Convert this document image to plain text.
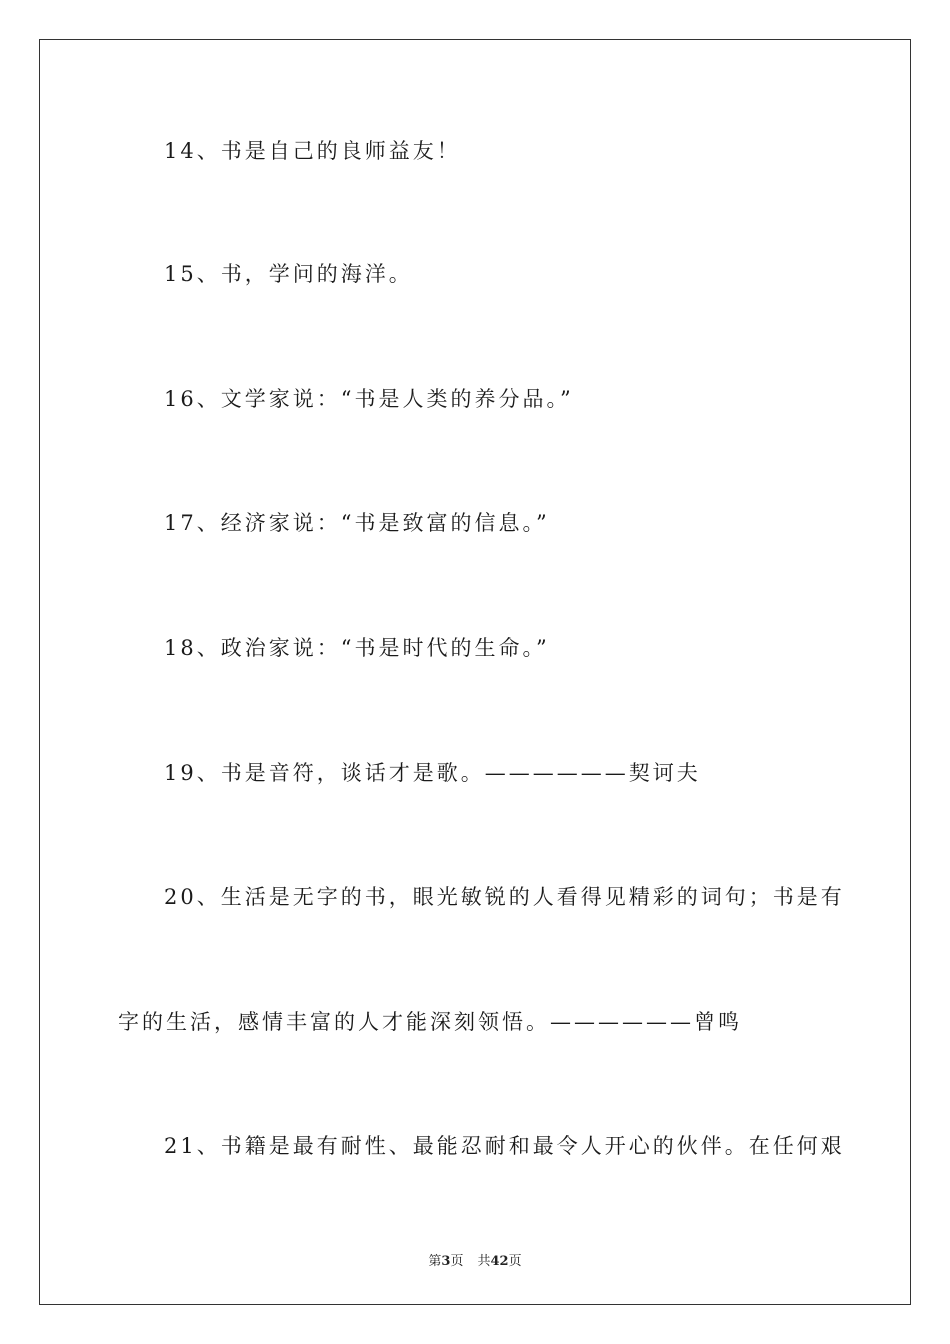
14、书是自己的良师益友！
15、书，学问的海洋。
16、文学家说：“书是人类的养分品。”
17、经济家说：“书是致富的信息。”
18、政治家说：“书是时代的生命。”
19、书是音符，谈话才是歌。——————契诃夫
20、生活是无字的书，眼光敏锐的人看得见精彩的词句；书是有
字的生活，感情丰富的人才能深刻领悟。——————曾鸣
21、书籍是最有耐性、最能忍耐和最令人开心的伙伴。在任何艰
第3页 共42页
